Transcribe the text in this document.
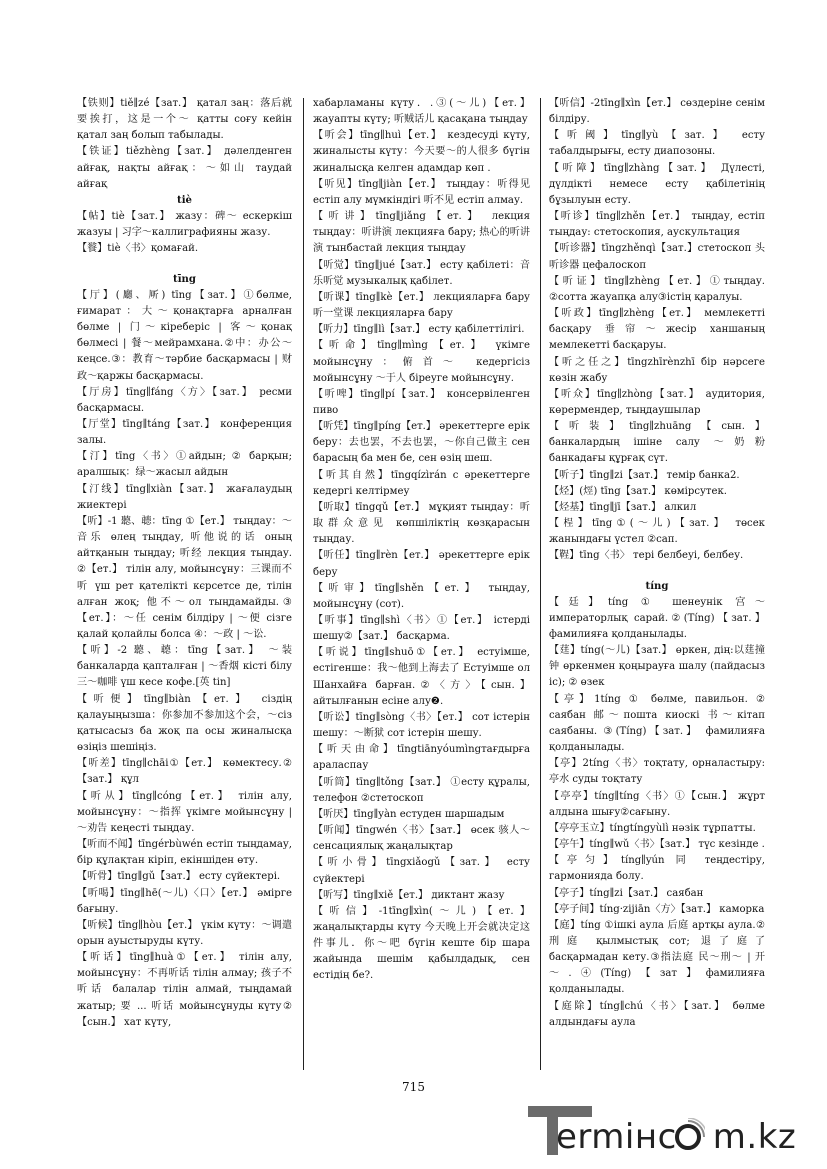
【铁则】tiě∥zé【зат.】 қатал заң：落后就要挨打，这是一个～ қатты соғу кейін қатал заң болып табылады.

【铁证】tiězhèng【зат.】 дәлелденген айғақ, нақты айғақ：～如山 таудай айғақ

tiè

【帖】tiè【зат.】 жазу：碑～ ескеркіш жазуы | 习字～каллиграфияны жазу.

【餮】tiè〈书〉қомағай.

tīng

【厅】(廳、厛) tīng【зат.】①бөлме, ғимарат：大～қонақтарға арналған бөлме | 门～кіреберіс | 客～қонақ бөлмесі | 餐～мейрамхана.②中：办公～кеңсе.③：教育～тәрбие басқармасы | 财政～қаржы басқармасы.

【厅房】tīng∥fáng〈方〉【зат.】 ресми басқармасы.

【厅堂】tīng∥táng【зат.】 конференция залы.

【汀】tīng〈书〉①айдын; ② барқын; аралшық：绿～жасыл айдын

【汀线】tīng∥xiàn【зат.】 жағалаудың жиектері

【听】-1 聽、聼：tīng ①【ет.】 тыңдау：～音乐 өлең тыңдау, 听他说的话 оның айтқанын тыңдау; 听经 лекция тыңдау. ②【ет.】 тілін алу, мойынсұну：三课而不听 үш рет қателікті кєрсетсе де, тілін алған жоқ; 他不～ол тыңдамайды.③【ет.】：～任 сенім білдіру | ～便 сізге қалай қолайлы болса ④：～政 | ～讼.

【听】-2 聽、聼：tīng【зат.】 ～装 банкаларда қапталған | ～香烟 кісті білу 三～咖啡 үш кесе кофе.[英 tin]

【听便】tīng∥biàn【ет.】 сіздің қалауыңызша：你参加不参加这个会，～сіз қатысасыз ба жоқ па осы жиналысқа өзіңіз шешіңіз.

【听差】tīng∥chāi①【ет.】 көмектесу.②【зат.】 құл

【听从】tīng∥cóng【ет.】 тілін алу, мойынсұну：～指挥 үкімге мойынсұну | ～劝告 кеңесті тыңдау.

【听而不闻】tīngérbùwén естіп тыңдамау, бір құлақтан кіріп, екіншіден өту.

【听骨】tīng∥gǔ【зат.】 есту сүйектері.

【听喝】tīng∥hē(～儿)〈口〉【ет.】 әмірге бағыну.

【听候】tīng∥hòu【ет.】 үкім күту：～调遣 орын ауыстыруды күту.

【听话】tīng∥huà①【ет.】 тілін алу, мойынсұну：不再听话 тілін алмау; 孩子不听话 балалар тілін алмай, тыңдамай жатыр; 要 ... 听话 мойынсұнуды күту②【сын.】 хат күту,

хабарламаны күту．.③(～儿)【ет.】 жауапты күту; 听贼话儿 қасақана тыңдау

【听会】tīng∥huì【ет.】 кездесуді күту, жиналысты күту：今天要～的人很多 бүгін жиналысқа келген адамдар көп .

【听见】tīng∥jiàn【ет.】 тыңдау：听得见 естіп алу мүмкіндігі 听不见 естіп алмау.

【听讲】tīng∥jiǎng【ет.】 лекция тыңдау：听讲演 лекцияға бару; 热心的听讲演 тынбастай лекция тыңдау

【听觉】tīng∥jué【зат.】 есту қабілеті：音乐听觉 музыкалық қабілет.

【听课】tīng∥kè【ет.】 лекцияларға бару听一堂课 лекцияларға бару

【听力】tīng∥lì【зат.】 есту қабілеттілігі.

【听命】tīng∥mìng【ет.】 үкімге мойынсұну：俯首～ кедергісіз мойынсұну ～于人 біреуге мойынсұну.

【听啤】tīng∥pí【зат.】 консервіленген пиво

【听凭】tīng∥píng【ет.】 әрекеттерге ерік беру：去也罢，不去也罢，～你自己做主 сен барасың ба мен бе, сен өзің шеш.

【听其自然】tīngqízìrán с әрекеттерге кедергі келтірмеу

【听取】tīngqǔ【ет.】 мұқият тыңдау：听取群众意见 көпшіліктің көзқарасын тыңдау.

【听任】tīng∥rèn【ет.】 әрекеттерге ерік беру

【听审】tīng∥shěn【ет.】 тыңдау, мойынсұну (сот).

【听事】tīng∥shì〈书〉①【ет.】 істерді шешу②【зат.】 басқарма.

【听说】tīng∥shuō①【ет.】 естуімше, естігенше：我～他到上海去了 Естуімше ол Шанхайға барған.②〈方〉【сын.】 айтылғанын есіне алу❷.

【听讼】tīng∥sòng〈书〉【ет.】 сот істерін шешу：～断狱 сот істерін шешу.

【听天由命】tīngtiānyóumìngтағдырға араласпау

【听筒】tīng∥tǒng【зат.】 ①есту құралы, телефон ②стетоскоп

【听厌】tīng∥yàn естуден шаршадым

【听闻】tīngwén〈书〉【зат.】 өсек 骇人～сенсациялық жаңалықтар

【听小骨】tīngxiǎogǔ【зат.】 есту сүйектері

【听写】tīng∥xiě【ет.】 диктант жазу

【听信】-1tīng∥xìn(～儿)【ет.】 жаңалықтарды күту 今天晚上开会就决定这件事儿．你～吧 бүгін кеште бір шара жайында шешім қабылдадық, сен естідің бе?.

【听信】-2tīng∥xìn【ет.】 сөздеріне сенім білдіру.

【听阈】tīng∥yù【зат.】 есту табалдырығы, есту диапозоны.

【听障】tīng∥zhàng【зат.】 Дүлесті, дүлдікті немесе есту қабілетінің бұзылуын есту.

【听诊】tīng∥zhěn【ет.】 тыңдау, естіп тыңдау: стетоскопия, аускультация

【听诊器】tīngzhěnqì【зат.】стетоскоп 头听诊器 цефалоскоп

【听证】tīng∥zhèng【ет.】①тыңдау. ②сотта жауапқа алу③істің қаралуы.

【听政】tīng∥zhèng【ет.】 мемлекетті басқару 垂帘～жесір ханшаның мемлекетті басқаруы.

【听之任之】tīngzhīrènzhī бір нәрсеге көзін жабу

【听众】tīng∥zhòng【зат.】 аудитория, көрермендер, тыңдаушылар

【听装】tīng∥zhuāng【сын.】 банкалардың ішіне салу ～奶粉 банкадағы құрғақ сүт.

【听子】tīng∥zi【зат.】 темір банка2.

【烃】(烴) tīng【зат.】 көмірсутек.

【烃基】tīng∥jī【зат.】 алкил

【桯】tīng①(～儿)【зат.】 төсек жанындағы үстел ②сап.

【鞓】tīng〈书〉 тері белбеуі, белбеу.

tíng

【廷】tíng ① шенеунік 宫～ императорлық сарай.②(Tíng)【зат.】 фамилияға қолданылады.

【莛】tíng(～儿)【зат.】 өркен, дің:以莛撞钟 өркенмен қоңырауға шалу (пайдасыз іс); ② өзек

【亭】1tíng ① бөлме, павильон. ② саябан 邮～пошта киоскі 书～кітап саябаны. ③(Tíng)【зат.】 фамилияға қолданылады.

【亭】2tíng〈书〉тоқтату, орналастыру: 亭水 суды тоқтату

【亭亭】tíng∥tíng〈书〉①【сын.】 жұрт алдына шығу②сағыну.

【亭亭玉立】tíngtíngyùlì нәзік тұрпатты.

【亭午】tíng∥wǔ〈书〉【зат.】 түс кезінде .

【亭匀】tíng∥yún 同 теңдестіру, гармонияда болу.

【亭子】tíng∥zi【зат.】 саябан

【亭子间】tíng·zijiān〈方〉【зат.】 каморка

【庭】tíng ①ішкі аула 后庭 артқы аула.②刑庭 қылмыстық сот; 退了庭了 басқармадан кету.③指法庭 民～刑～ | 开～.④(Tíng)【зат】фамилияға қолданылады.

【庭除】tíng∥chú〈书〉【зат.】 бөлме алдындағы аула

715
ermінс m.kz
